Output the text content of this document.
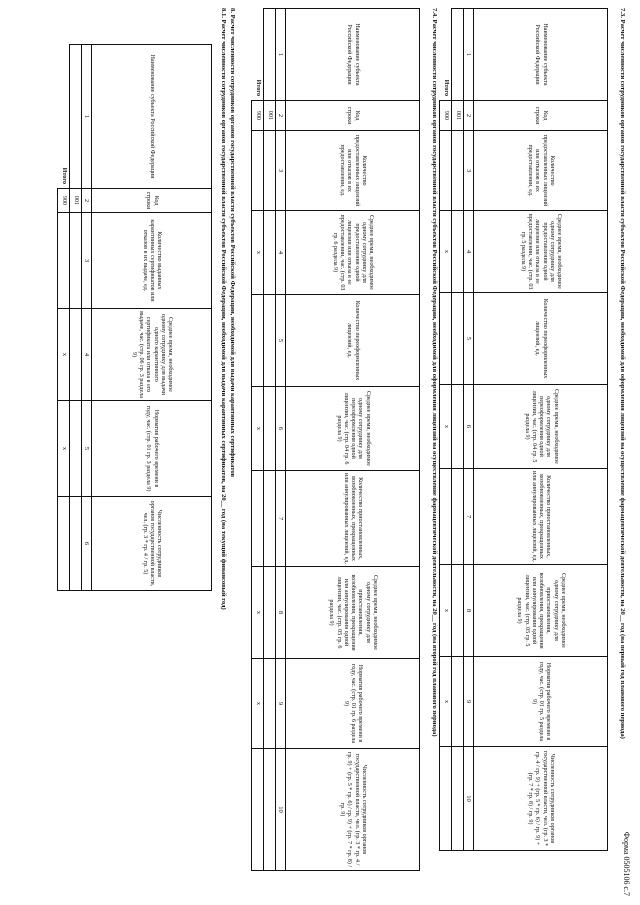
Форма 0505106 с.7
7.3. Расчет численности сотрудников органов государственной власти субъектов Российской Федерации, необходимой для оформления лицензий на осуществление фармацевтической деятельности, на 20__ год (на первый год планового периода)
Наименование субъекта Российской Федерации	Код строки	Количество предоставленных лицензий или отказов в их предоставлении, ед.	Среднее время, необходимое одному сотруднику для предоставления одной лицензии или отказа в ее предоставлении, час. (стр. 03 гр. 5 раздела 9)	Количество переоформленных лицензий, ед.	Среднее время, необходимое одному сотруднику для переоформления одной лицензии, час. (стр. 04 гр. 5 раздела 9)	Количество приостановленных, возобновленных, прекращенных или аннулированных лицензий, ед.	Среднее время, необходимое одному сотруднику для приостановления, возобновления, прекращения или аннулирования одной лицензии, час. (стр. 05 гр. 5 раздела 9)	Норматив рабочего времени в году, час. (стр. 01 гр. 5 раздела 9)	Численность сотрудников органов государственной власти, чел. (гр. 3 * гр. 4 / гр. 9) + (гр. 5 * гр. 6) / гр. 9) + (гр. 7 * гр. 8) / гр. 9)
1	2	3	4	5	6	7	8	9	10
	001								
Итого	900		x		x		x	x	
7.4. Расчет численности сотрудников органов государственной власти субъектов Российской Федерации, необходимой для оформления лицензий на осуществление фармацевтической деятельности, на 20__ год (на второй год планового периода)
Наименование субъекта Российской Федерации	Код строки	Количество предоставленных лицензий или отказов в их предоставлении, ед.	Среднее время, необходимое одному сотруднику для предоставления одной лицензии или отказа в ее предоставлении, час. (стр. 03 гр. 6 раздела 9)	Количество переоформленных лицензий, ед.	Среднее время, необходимое одному сотруднику для переоформления одной лицензии, час. (стр. 04 гр. 6 раздела 9)	Количество приостановленных, возобновленных, прекращенных или аннулированных лицензий, ед.	Среднее время, необходимое одному сотруднику для приостановления, возобновления, прекращения или аннулирования одной лицензии, час. (стр. 05 гр. 6 раздела 9)	Норматив рабочего времени в году, час. (стр. 01 гр. 6 раздела 9)	Численность сотрудников органов государственной власти, чел. (гр. 3 * гр. 4 / гр. 9) + (гр. 5 * гр. 6) / гр. 9) + (гр. 7 * гр. 8) / гр. 9)
1	2	3	4	5	6	7	8	9	10
	001								
Итого	900		x		x		x	x	
8. Расчет численности сотрудников органов государственной власти субъектов Российской Федерации, необходимой для выдачи карантинных сертификатов
8.1. Расчет численности сотрудников органов государственной власти субъектов Российской Федерации, необходимой для выдачи карантинных сертификатов, на 20__ год (на текущий финансовый год)
Наименование субъекта Российской Федерации	Код строки	Количество выданных карантинных сертификатов или отказов в их выдаче, ед.	Среднее время, необходимое одному сотруднику для выдачи одного карантинного сертификата или отказа в его выдаче, час. (стр. 06 гр. 3 раздела 9)	Норматив рабочего времени в году, час. (стр. 01 гр. 3 раздела 9)	Численность сотрудников органов государственной власти, чел. (гр. 3 * гр. 4 / гр. 5)
1	2	3	4	5	6
	001				
Итого	900		x	x	
